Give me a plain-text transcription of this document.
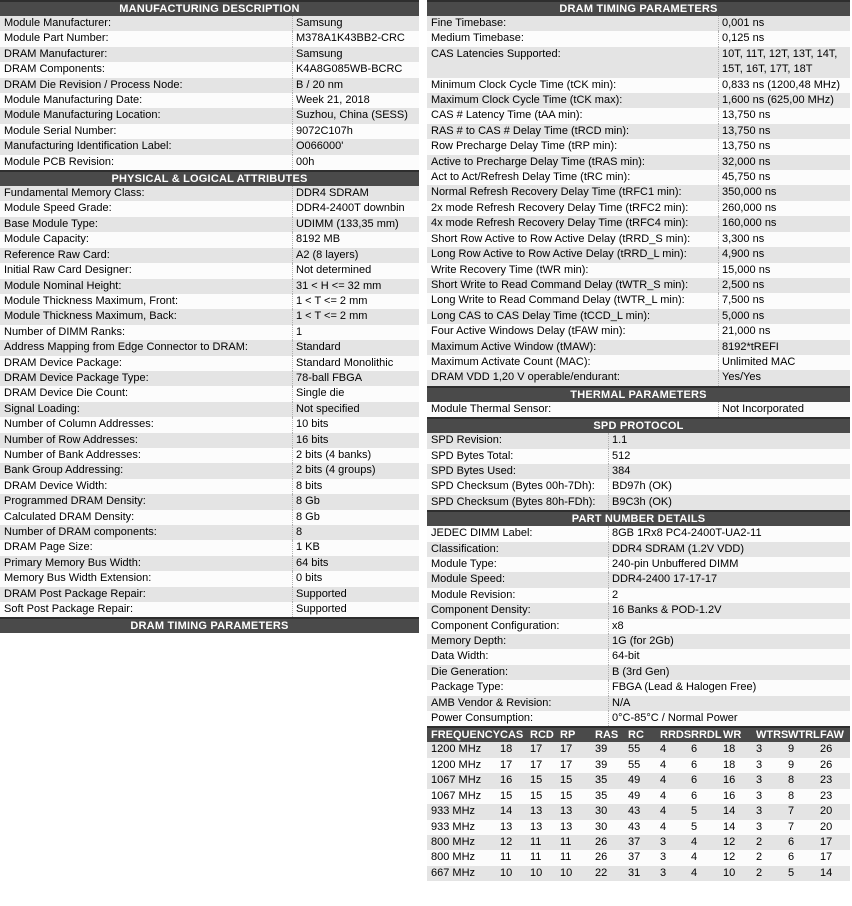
MANUFACTURING DESCRIPTION
Module Manufacturer:	Samsung
Module Part Number:	M378A1K43BB2-CRC
DRAM Manufacturer:	Samsung
DRAM Components:	K4A8G085WB-BCRC
DRAM Die Revision / Process Node:	B / 20 nm
Module Manufacturing Date:	Week 21, 2018
Module Manufacturing Location:	Suzhou, China (SESS)
Module Serial Number:	9072C107h
Manufacturing Identification Label:	O066000'
Module PCB Revision:	00h
PHYSICAL & LOGICAL ATTRIBUTES
Fundamental Memory Class:	DDR4 SDRAM
Module Speed Grade:	DDR4-2400T downbin
Base Module Type:	UDIMM (133,35 mm)
Module Capacity:	8192 MB
Reference Raw Card:	A2 (8 layers)
Initial Raw Card Designer:	Not determined
Module Nominal Height:	31 < H <= 32 mm
Module Thickness Maximum, Front:	1 < T <= 2 mm
Module Thickness Maximum, Back:	1 < T <= 2 mm
Number of DIMM Ranks:	1
Address Mapping from Edge Connector to DRAM:	Standard
DRAM Device Package:	Standard Monolithic
DRAM Device Package Type:	78-ball FBGA
DRAM Device Die Count:	Single die
Signal Loading:	Not specified
Number of Column Addresses:	10 bits
Number of Row Addresses:	16 bits
Number of Bank Addresses:	2 bits (4 banks)
Bank Group Addressing:	2 bits (4 groups)
DRAM Device Width:	8 bits
Programmed DRAM Density:	8 Gb
Calculated DRAM Density:	8 Gb
Number of DRAM components:	8
DRAM Page Size:	1 KB
Primary Memory Bus Width:	64 bits
Memory Bus Width Extension:	0 bits
DRAM Post Package Repair:	Supported
Soft Post Package Repair:	Supported
DRAM TIMING PARAMETERS
DRAM TIMING PARAMETERS
Fine Timebase:	0,001 ns
Medium Timebase:	0,125 ns
CAS Latencies Supported:	10T, 11T, 12T, 13T, 14T, 15T, 16T, 17T, 18T
Minimum Clock Cycle Time (tCK min):	0,833 ns (1200,48 MHz)
Maximum Clock Cycle Time (tCK max):	1,600 ns (625,00 MHz)
CAS # Latency Time (tAA min):	13,750 ns
RAS # to CAS # Delay Time (tRCD min):	13,750 ns
Row Precharge Delay Time (tRP min):	13,750 ns
Active to Precharge Delay Time (tRAS min):	32,000 ns
Act to Act/Refresh Delay Time (tRC min):	45,750 ns
Normal Refresh Recovery Delay Time (tRFC1 min):	350,000 ns
2x mode Refresh Recovery Delay Time (tRFC2 min):	260,000 ns
4x mode Refresh Recovery Delay Time (tRFC4 min):	160,000 ns
Short Row Active to Row Active Delay (tRRD_S min):	3,300 ns
Long Row Active to Row Active Delay (tRRD_L min):	4,900 ns
Write Recovery Time (tWR min):	15,000 ns
Short Write to Read Command Delay (tWTR_S min):	2,500 ns
Long Write to Read Command Delay (tWTR_L min):	7,500 ns
Long CAS to CAS Delay Time (tCCD_L min):	5,000 ns
Four Active Windows Delay (tFAW min):	21,000 ns
Maximum Active Window (tMAW):	8192*tREFI
Maximum Activate Count (MAC):	Unlimited MAC
DRAM VDD 1,20 V operable/endurant:	Yes/Yes
THERMAL PARAMETERS
Module Thermal Sensor:	Not Incorporated
SPD PROTOCOL
SPD Revision:	1.1
SPD Bytes Total:	512
SPD Bytes Used:	384
SPD Checksum (Bytes 00h-7Dh):	BD97h (OK)
SPD Checksum (Bytes 80h-FDh):	B9C3h (OK)
PART NUMBER DETAILS
JEDEC DIMM Label:	8GB 1Rx8 PC4-2400T-UA2-11
Classification:	DDR4 SDRAM (1.2V VDD)
Module Type:	240-pin Unbuffered DIMM
Module Speed:	DDR4-2400 17-17-17
Module Revision:	2
Component Density:	16 Banks & POD-1.2V
Component Configuration:	x8
Memory Depth:	1G (for 2Gb)
Data Width:	64-bit
Die Generation:	B (3rd Gen)
Package Type:	FBGA (Lead & Halogen Free)
AMB Vendor & Revision:	N/A
Power Consumption:	0°C-85°C / Normal Power
FREQUENCY CAS RCD RP	RAS RC	RRDS RRDL WR	WTRS WTRL FAW
1200 MHz	18	17	17	39	55	4	6	18	3	9	26
1200 MHz	17	17	17	39	55	4	6	18	3	9	26
1067 MHz	16	15	15	35	49	4	6	16	3	8	23
1067 MHz	15	15	15	35	49	4	6	16	3	8	23
933 MHz	14	13	13	30	43	4	5	14	3	7	20
933 MHz	13	13	13	30	43	4	5	14	3	7	20
800 MHz	12	11	11	26	37	3	4	12	2	6	17
800 MHz	11	11	11	26	37	3	4	12	2	6	17
667 MHz	10	10	10	22	31	3	4	10	2	5	14
